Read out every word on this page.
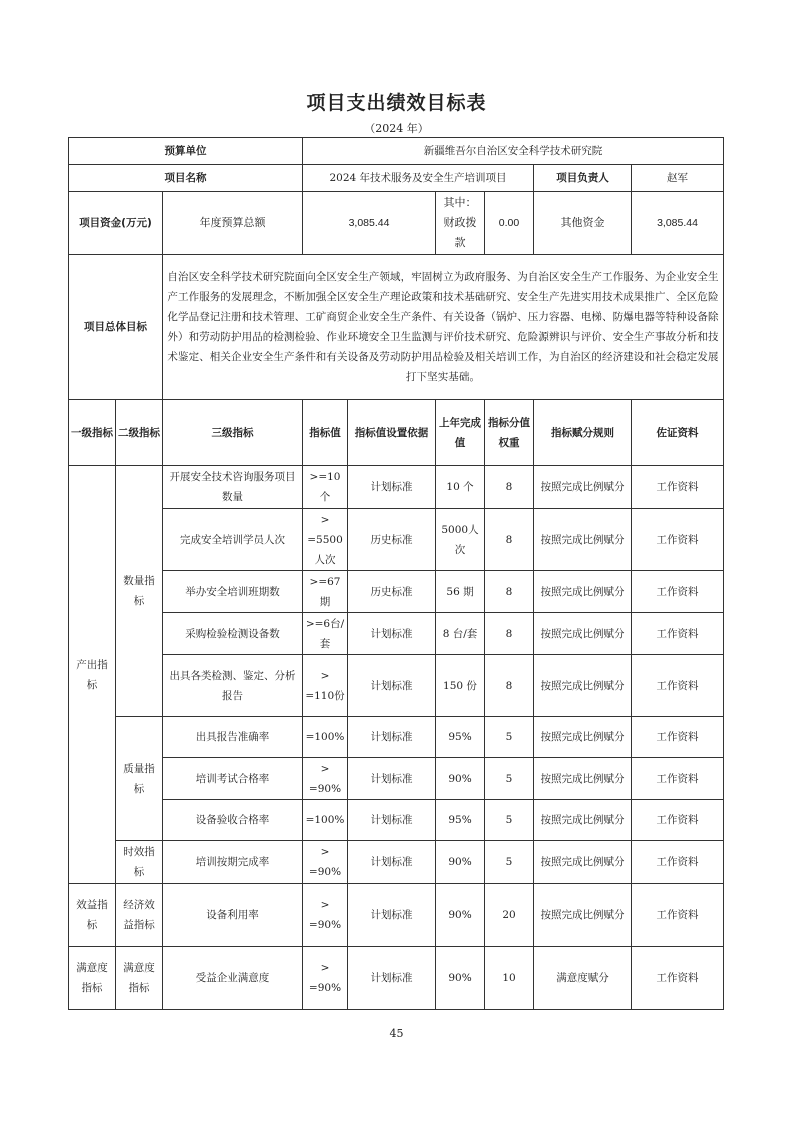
项目支出绩效目标表
（2024 年）
预算单位			新疆维吾尔自治区安全科学技术研究院					
项目名称			2024 年技术服务及安全生产培训项目				项目负责人	赵军
项目资金(万元)		年度预算总额	3,085.44		其中：财政拨款	0.00	其他资金	3,085.44
项目总体目标		自治区安全科学技术研究院面向全区安全生产领域，牢固树立为政府服务、为自治区安全生产工作服务、为企业安全生产工作服务的发展理念，不断加强全区安全生产理论政策和技术基础研究、安全生产先进实用技术成果推广、全区危险化学品登记注册和技术管理、工矿商贸企业安全生产条件、有关设备（锅炉、压力容器、电梯、防爆电器等特种设备除外）和劳动防护用品的检测检验、作业环境安全卫生监测与评价技术研究、危险源辨识与评价、安全生产事故分析和技术鉴定、相关企业安全生产条件和有关设备及劳动防护用品检验及相关培训工作，为自治区的经济建设和社会稳定发展打下坚实基础。						
一级指标	二级指标	三级指标	指标值	指标值设置依据	上年完成值	指标分值权重	指标赋分规则	佐证资料
产出指标	数量指标	开展安全技术咨询服务项目数量	>=10个	计划标准	10 个	8	按照完成比例赋分	工作资料
		完成安全培训学员人次	> =5500人次	历史标准	5000人次	8	按照完成比例赋分	工作资料
		举办安全培训班期数	>=67期	历史标准	56 期	8	按照完成比例赋分	工作资料
		采购检验检测设备数	>=6台/套	计划标准	8 台/套	8	按照完成比例赋分	工作资料
		出具各类检测、鉴定、分析报告	> =110份	计划标准	150 份	8	按照完成比例赋分	工作资料
	质量指标	出具报告准确率	=100%	计划标准	95%	5	按照完成比例赋分	工作资料
		培训考试合格率	> =90%	计划标准	90%	5	按照完成比例赋分	工作资料
		设备验收合格率	=100%	计划标准	95%	5	按照完成比例赋分	工作资料
	时效指标	培训按期完成率	> =90%	计划标准	90%	5	按照完成比例赋分	工作资料
效益指标	经济效益指标	设备利用率	> =90%	计划标准	90%	20	按照完成比例赋分	工作资料
满意度指标	满意度指标	受益企业满意度	> =90%	计划标准	90%	10	满意度赋分	工作资料
45
